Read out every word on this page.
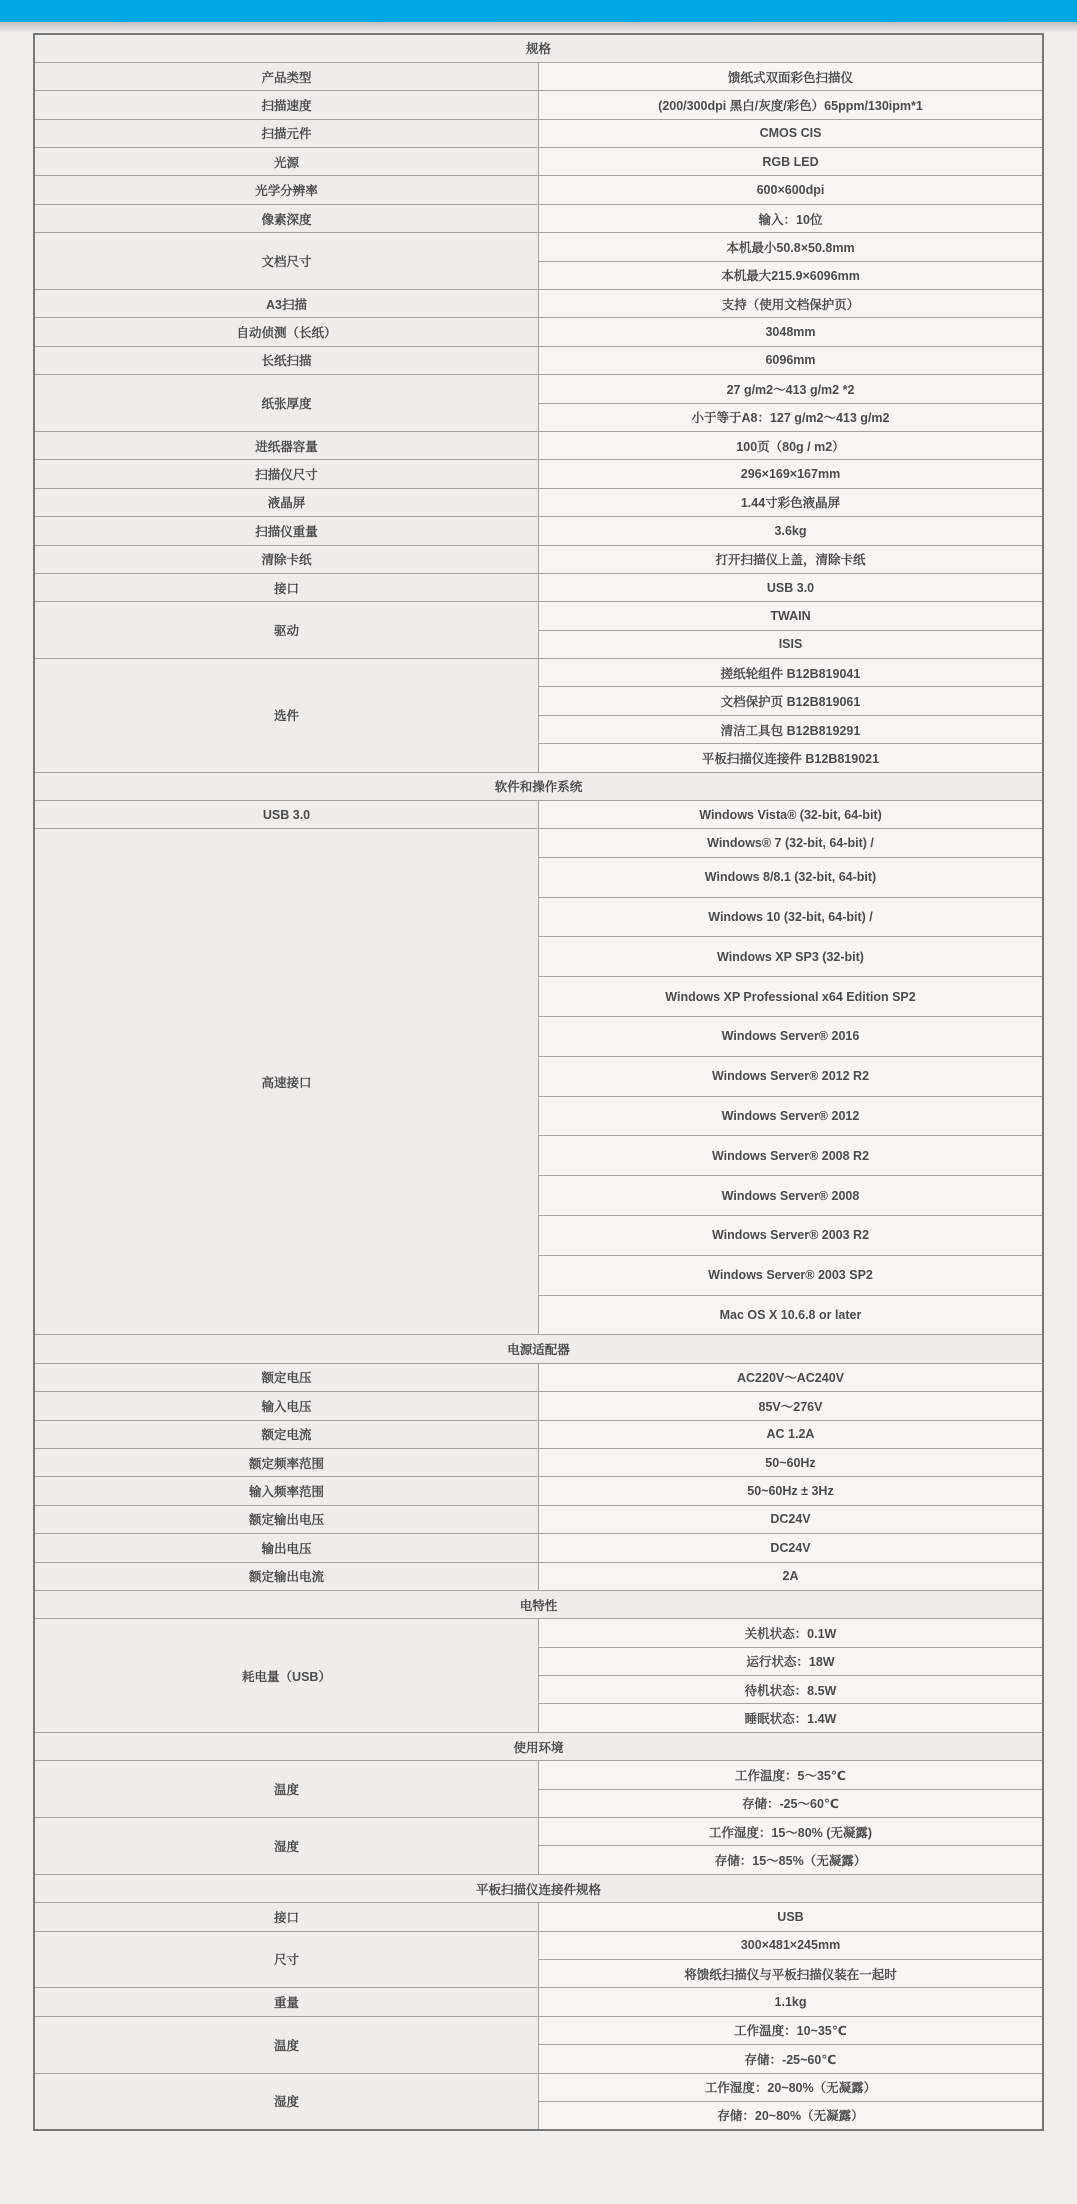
规格	
产品类型	馈纸式双面彩色扫描仪
扫描速度	(200/300dpi 黑白/灰度/彩色）65ppm/130ipm*1
扫描元件	CMOS CIS
光源	RGB LED
光学分辨率	600×600dpi
像素深度	输入：10位
文档尺寸	本机最小50.8×50.8mm
	本机最大215.9×6096mm
A3扫描	支持（使用文档保护页）
自动侦测（长纸）	3048mm
长纸扫描	6096mm
纸张厚度	27 g/m2～413 g/m2 *2
	小于等于A8：127 g/m2～413 g/m2
进纸器容量	100页（80g / m2）
扫描仪尺寸	296×169×167mm
液晶屏	1.44寸彩色液晶屏
扫描仪重量	3.6kg
清除卡纸	打开扫描仪上盖，清除卡纸
接口	USB 3.0
驱动	TWAIN
	ISIS
选件	搓纸轮组件 B12B819041
	文档保护页 B12B819061
	清洁工具包 B12B819291
	平板扫描仪连接件 B12B819021
软件和操作系统	
USB 3.0	Windows Vista® (32-bit, 64-bit)
高速接口	Windows® 7 (32-bit, 64-bit) /
	Windows 8/8.1 (32-bit, 64-bit)
	Windows 10 (32-bit, 64-bit) /
	Windows XP SP3 (32-bit)
	Windows XP Professional x64 Edition SP2
	Windows Server® 2016
	Windows Server® 2012 R2
	Windows Server® 2012
	Windows Server® 2008 R2
	Windows Server® 2008
	Windows Server® 2003 R2
	Windows Server® 2003 SP2
	Mac OS X 10.6.8 or later
电源适配器	
额定电压	AC220V～AC240V
输入电压	85V～276V
额定电流	AC 1.2A
额定频率范围	50~60Hz
输入频率范围	50~60Hz ± 3Hz
额定输出电压	DC24V
输出电压	DC24V
额定输出电流	2A
电特性	
耗电量（USB）	关机状态：0.1W
	运行状态：18W
	待机状态：8.5W
	睡眠状态：1.4W
使用环境	
温度	工作温度：5～35℃
	存储：-25～60℃
湿度	工作湿度：15～80% (无凝露)
	存储：15～85%（无凝露）
平板扫描仪连接件规格	
接口	USB
尺寸	300×481×245mm
	将馈纸扫描仪与平板扫描仪装在一起时
重量	1.1kg
温度	工作温度：10~35℃
	存储：-25~60℃
湿度	工作湿度：20~80%（无凝露）
	存储：20~80%（无凝露）
